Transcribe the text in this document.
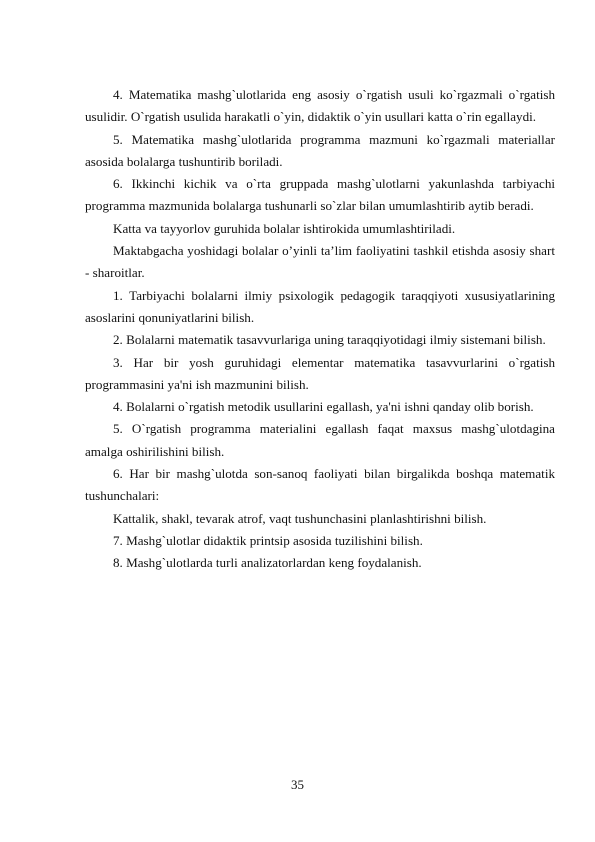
4. Matematika mashg`ulotlarida eng asosiy o`rgatish usuli ko`rgazmali o`rgatish usulidir. O`rgatish usulida harakatli o`yin, didaktik o`yin usullari katta o`rin egallaydi.

5. Matematika mashg`ulotlarida programma mazmuni ko`rgazmali materiallar asosida bolalarga tushuntirib boriladi.

6. Ikkinchi kichik va o`rta gruppada mashg`ulotlarni yakunlashda tarbiyachi programma mazmunida bolalarga tushunarli so`zlar bilan umumlashtirib aytib beradi.

Katta va tayyorlov guruhida bolalar ishtirokida umumlashtiriladi.

Maktabgacha yoshidagi bolalar o’yinli ta’lim faoliyatini tashkil etishda asosiy shart - sharoitlar.

1. Tarbiyachi bolalarni ilmiy psixologik pedagogik taraqqiyoti xususiyatlarining asoslarini qonuniyatlarini bilish.

2. Bolalarni matematik tasavvurlariga uning taraqqiyotidagi ilmiy sistemani bilish.

3. Har bir yosh guruhidagi elementar matematika tasavvurlarini o`rgatish programmasini ya'ni ish mazmunini bilish.

4. Bolalarni o`rgatish metodik usullarini egallash, ya'ni ishni qanday olib borish.

5. O`rgatish programma materialini egallash faqat maxsus mashg`ulotdagina amalga oshirilishini bilish.

6. Har bir mashg`ulotda son-sanoq faoliyati bilan birgalikda boshqa matematik tushunchalari:

Kattalik, shakl, tevarak atrof, vaqt tushunchasini planlashtirishni bilish.

7. Mashg`ulotlar didaktik printsip asosida tuzilishini bilish.

8. Mashg`ulotlarda turli analizatorlardan keng foydalanish.

35
